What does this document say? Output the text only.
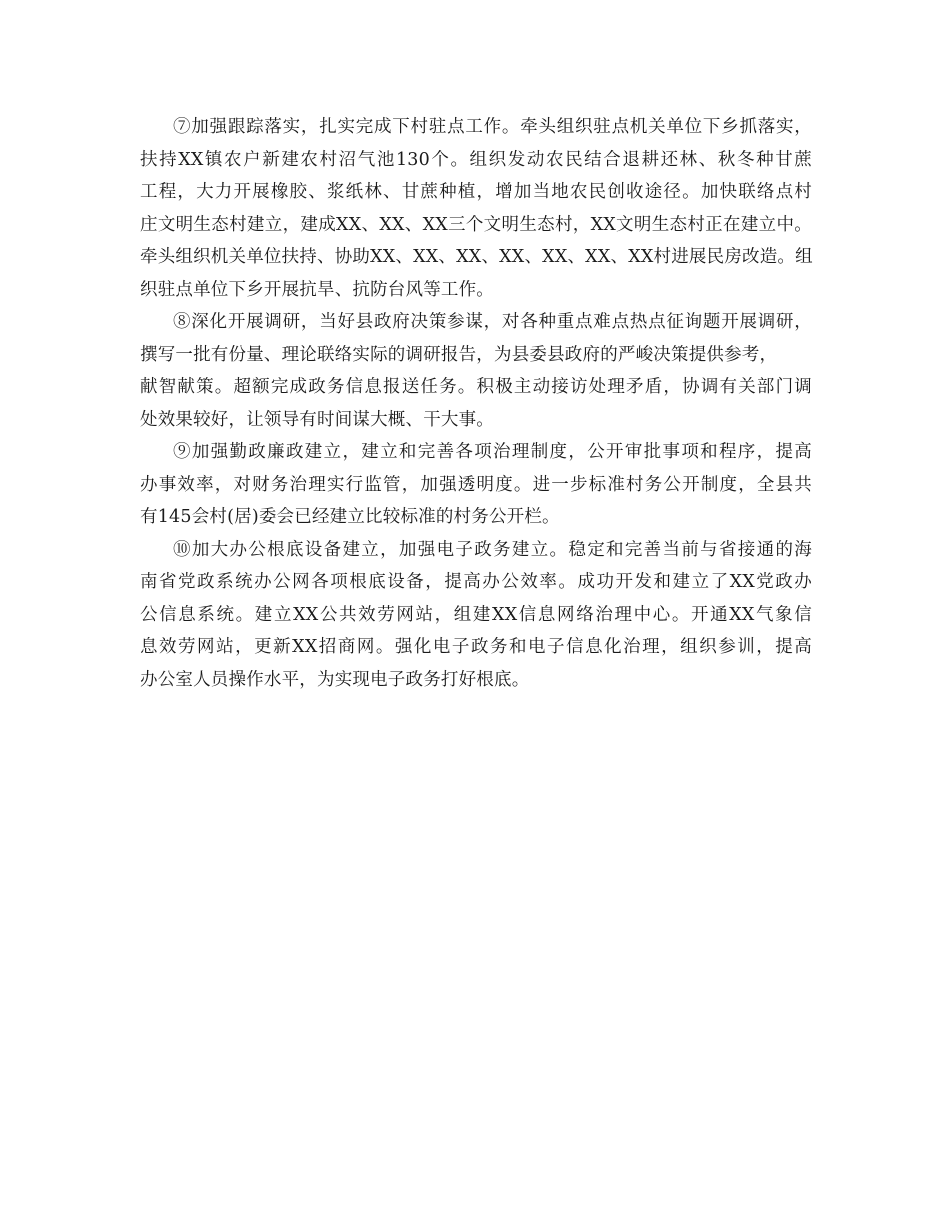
⑦加强跟踪落实，扎实完成下村驻点工作。牵头组织驻点机关单位下乡抓落实，
扶持XX镇农户新建农村沼气池130个。组织发动农民结合退耕还林、秋冬种甘蔗
工程，大力开展橡胶、浆纸林、甘蔗种植，增加当地农民创收途径。加快联络点村
庄文明生态村建立，建成XX、XX、XX三个文明生态村，XX文明生态村正在建立中。
牵头组织机关单位扶持、协助XX、XX、XX、XX、XX、XX、XX村进展民房改造。组
织驻点单位下乡开展抗旱、抗防台风等工作。
⑧深化开展调研，当好县政府决策参谋，对各种重点难点热点征询题开展调研，
撰写一批有份量、理论联络实际的调研报告，为县委县政府的严峻决策提供参考，
献智献策。超额完成政务信息报送任务。积极主动接访处理矛盾，协调有关部门调
处效果较好，让领导有时间谋大概、干大事。
⑨加强勤政廉政建立，建立和完善各项治理制度，公开审批事项和程序，提高
办事效率，对财务治理实行监管，加强透明度。进一步标准村务公开制度，全县共
有145会村(居)委会已经建立比较标准的村务公开栏。
⑩加大办公根底设备建立，加强电子政务建立。稳定和完善当前与省接通的海
南省党政系统办公网各项根底设备，提高办公效率。成功开发和建立了XX党政办
公信息系统。建立XX公共效劳网站，组建XX信息网络治理中心。开通XX气象信
息效劳网站，更新XX招商网。强化电子政务和电子信息化治理，组织参训，提高
办公室人员操作水平，为实现电子政务打好根底。
